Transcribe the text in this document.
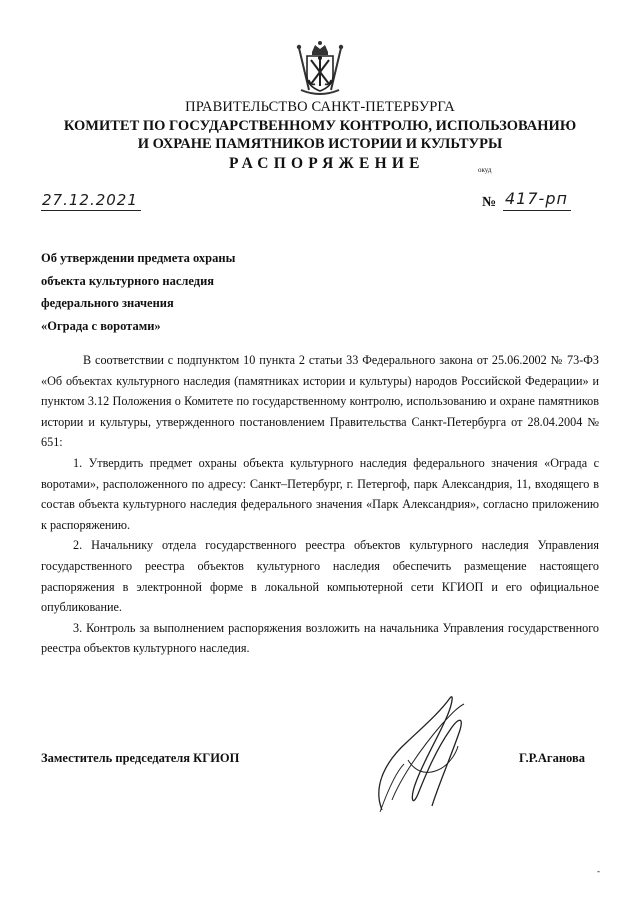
ПРАВИТЕЛЬСТВО САНКТ-ПЕТЕРБУРГА
КОМИТЕТ ПО ГОСУДАРСТВЕННОМУ КОНТРОЛЮ, ИСПОЛЬЗОВАНИЮ
И ОХРАНЕ ПАМЯТНИКОВ ИСТОРИИ И КУЛЬТУРЫ
РАСПОРЯЖЕНИЕ	окуд
27.12.2021	№ 417-рп
Об утверждении предмета охраны
объекта культурного наследия
федерального значения
«Ограда с воротами»

В соответствии с подпунктом 10 пункта 2 статьи 33 Федерального закона от 25.06.2002 № 73-ФЗ «Об объектах культурного наследия (памятниках истории и культуры) народов Российской Федерации» и пунктом 3.12 Положения о Комитете по государственному контролю, использованию и охране памятников истории и культуры, утвержденного постановлением Правительства Санкт-Петербурга от 28.04.2004 № 651:

1. Утвердить предмет охраны объекта культурного наследия федерального значения «Ограда с воротами», расположенного по адресу: Санкт–Петербург, г. Петергоф, парк Александрия, 11, входящего в состав объекта культурного наследия федерального значения «Парк Александрия», согласно приложению к распоряжению.

2. Начальнику отдела государственного реестра объектов культурного наследия Управления государственного реестра объектов культурного наследия обеспечить размещение настоящего распоряжения в электронной форме в локальной компьютерной сети КГИОП и его официальное опубликование.

3. Контроль за выполнением распоряжения возложить на начальника Управления государственного реестра объектов культурного наследия.

Заместитель председателя КГИОП	Г.Р.Аганова
-
